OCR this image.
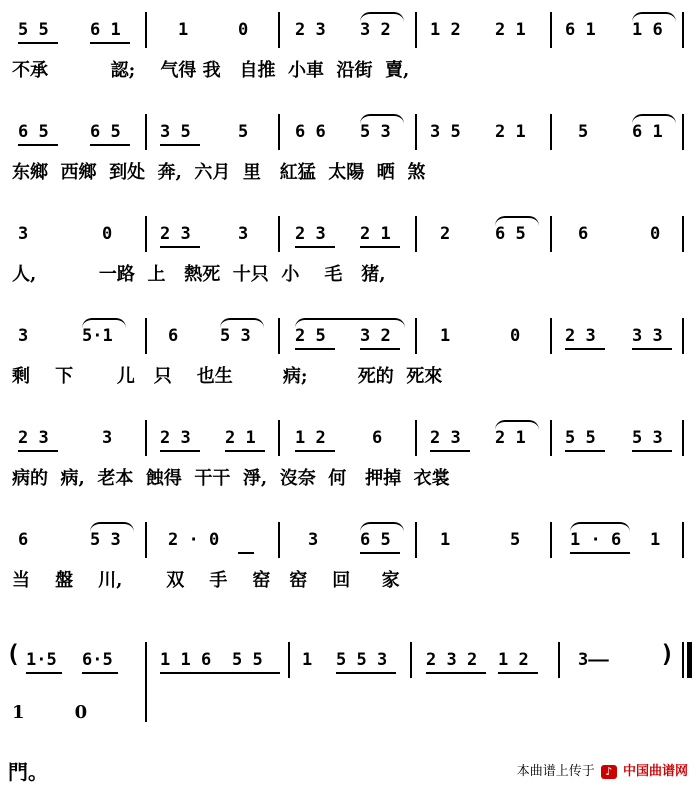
5 5 6 1	1	0	2 3 3 2 1 2 2 1 6 1 1 6
不承          認;    气得 我   自推  小車  沿街  賣,
6 5 6 5 3 5	5	6 6 5 3 3 5 2 1	5	6 1
东鄉  西鄉  到处  奔,  六月  里   紅猛  太陽  晒  煞
3	0	2 3	3	2 3 2 1	2	6 5	6	0
人,          一路  上   熱死  十只  小    毛   猪,
3	5·1	6 5 3	2 5 3 2	1	0	2 3 3 3
剩    下       儿   只    也生        病;        死的  死來
2 3	3	2 3 2 1 1 2	6	2 3 2 1 5 5 5 3
病的  病,  老本  蝕得  干干  淨,  沒奈  何   押掉  衣裳
6	5 3	2 · 0	3 6 5	1	5	1 · 6 1
当    盤    川,       双    手    窑   窑    回     家
( 1·5 6·5	1 1 6 5 5 1 5 5 3 2 3 2 1 2	3—— )
1        0
門。	本曲谱上传于 ♪ 中国曲谱网
